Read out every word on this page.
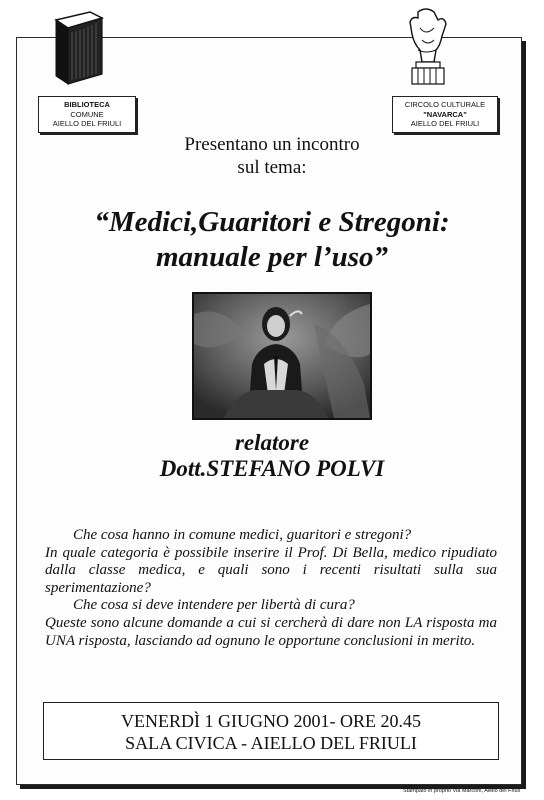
BIBLIOTECA
COMUNE
AIELLO DEL FRIULI
CIRCOLO CULTURALE
"NAVARCA"
AIELLO DEL FRIULI
Presentano un incontro
sul tema:
“Medici,Guaritori e Stregoni:
manuale per l’uso”
relatore
Dott.STEFANO POLVI

Che cosa hanno in comune medici, guaritori e stregoni?

In quale categoria è possibile inserire il Prof. Di Bella, medico ripudiato dalla classe medica, e quali sono i recenti risultati sulla sua sperimentazione?

Che cosa si deve intendere per libertà di cura?

Queste sono alcune domande a cui si cercherà di dare non LA risposta ma UNA risposta, lasciando ad ognuno le opportune conclusioni in merito.

VENERDÌ 1 GIUGNO 2001- ORE 20.45
SALA CIVICA - AIELLO DEL FRIULI
Stampato in proprio Via Marconi, Aiello del Friuli
